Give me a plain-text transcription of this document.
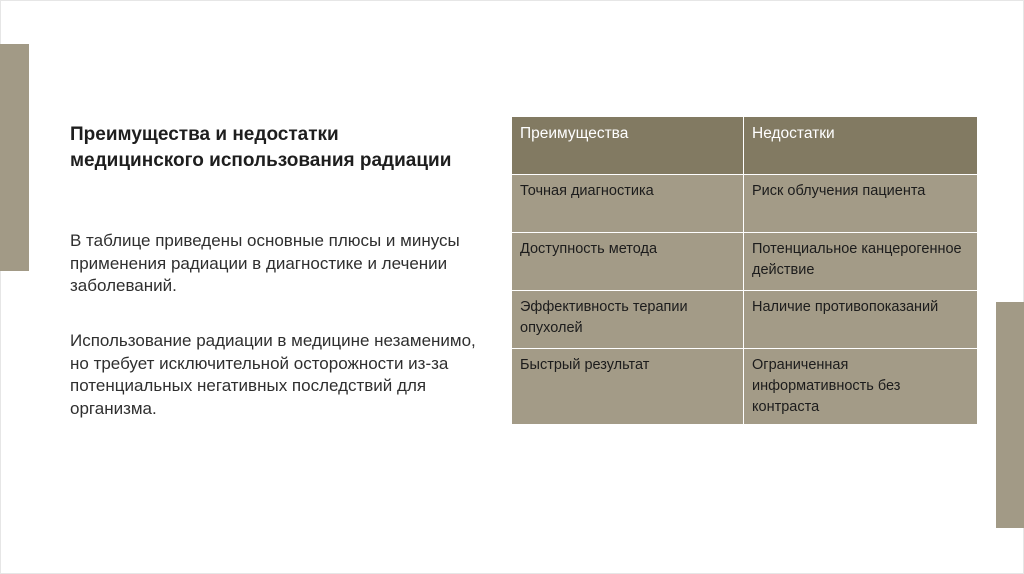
Преимущества и недостатки медицинского использования радиации

В таблице приведены основные плюсы и минусы применения радиации в диагностике и лечении заболеваний.

Использование радиации в медицине незаменимо, но требует исключительной осторожности из-за потенциальных негативных последствий для организма.

Преимущества	Недостатки
Точная диагностика	Риск облучения пациента
Доступность метода	Потенциальное канцерогенное действие
Эффективность терапии опухолей	Наличие противопоказаний
Быстрый результат	Ограниченная информативность без контраста
